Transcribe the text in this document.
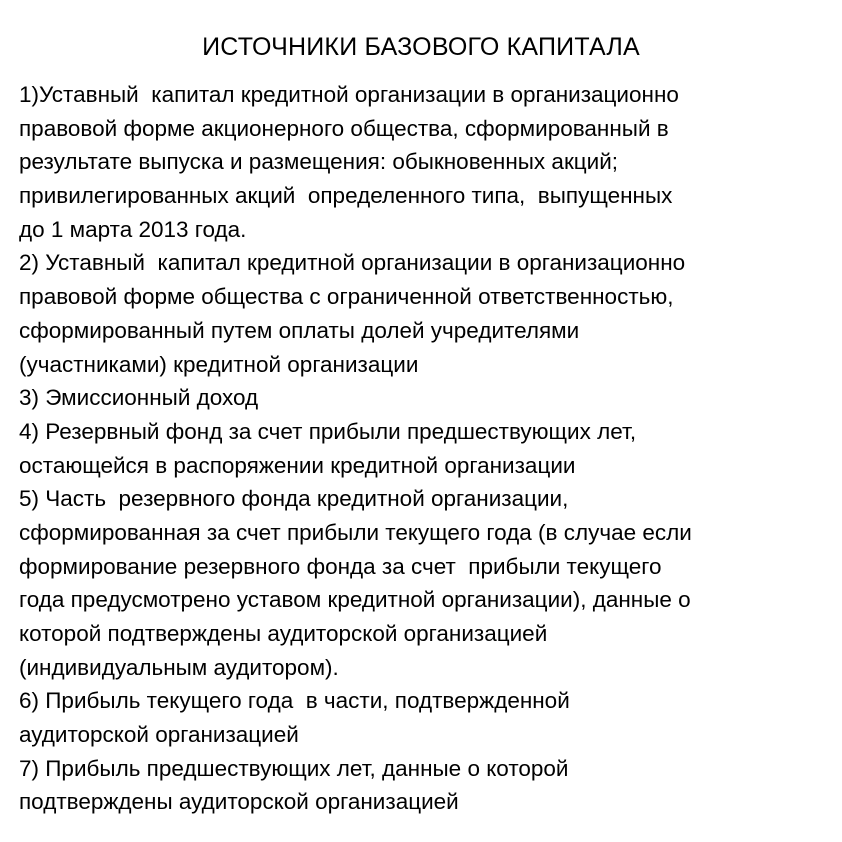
ИСТОЧНИКИ БАЗОВОГО КАПИТАЛА
1)Уставный  капитал кредитной организации в организационно
правовой форме акционерного общества, сформированный в
результате выпуска и размещения: обыкновенных акций;
привилегированных акций  определенного типа,  выпущенных
до 1 марта 2013 года.
2) Уставный  капитал кредитной организации в организационно
правовой форме общества с ограниченной ответственностью,
сформированный путем оплаты долей учредителями
(участниками) кредитной организации
3) Эмиссионный доход
4) Резервный фонд за счет прибыли предшествующих лет,
остающейся в распоряжении кредитной организации
5) Часть  резервного фонда кредитной организации,
сформированная за счет прибыли текущего года (в случае если
формирование резервного фонда за счет  прибыли текущего
года предусмотрено уставом кредитной организации), данные о
которой подтверждены аудиторской организацией
(индивидуальным аудитором).
6) Прибыль текущего года  в части, подтвержденной
аудиторской организацией
7) Прибыль предшествующих лет, данные о которой
подтверждены аудиторской организацией
